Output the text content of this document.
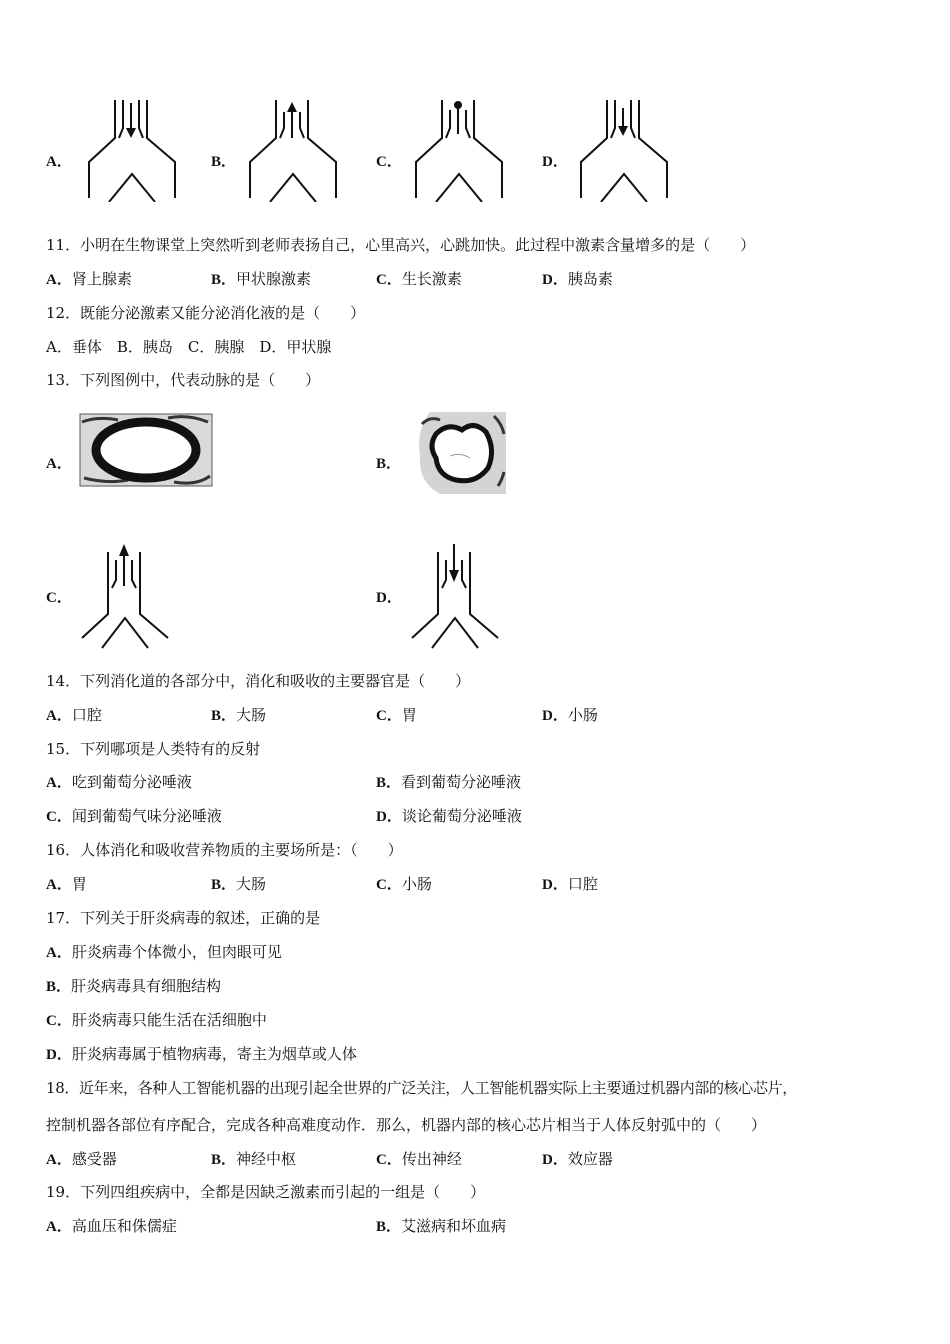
A．	B．	C．	D．
11．小明在生物课堂上突然听到老师表扬自己，心里高兴，心跳加快。此过程中激素含量增多的是（　　）
A．肾上腺素	B．甲状腺激素	C．生长激素	D．胰岛素
12．既能分泌激素又能分泌消化液的是（　　）
A．垂体　B．胰岛　C．胰腺　D．甲状腺
13．下列图例中，代表动脉的是（　　）
A．	B．
C．	D．
14．下列消化道的各部分中，消化和吸收的主要器官是（　　）
A．口腔	B．大肠	C．胃	D．小肠
15．下列哪项是人类特有的反射
A．吃到葡萄分泌唾液	B．看到葡萄分泌唾液
C．闻到葡萄气味分泌唾液	D．谈论葡萄分泌唾液
16．人体消化和吸收营养物质的主要场所是：（　　）
A．胃	B．大肠	C．小肠	D．口腔
17．下列关于肝炎病毒的叙述，正确的是
A．肝炎病毒个体微小，但肉眼可见
B．肝炎病毒具有细胞结构
C．肝炎病毒只能生活在活细胞中
D．肝炎病毒属于植物病毒，寄主为烟草或人体
18．近年来，各种人工智能机器的出现引起全世界的广泛关注，人工智能机器实际上主要通过机器内部的核心芯片，
控制机器各部位有序配合，完成各种高难度动作．那么，机器内部的核心芯片相当于人体反射弧中的（　　）
A．感受器	B．神经中枢	C．传出神经	D．效应器
19．下列四组疾病中，全都是因缺乏激素而引起的一组是（　　）
A．高血压和侏儒症	B．艾滋病和坏血病
